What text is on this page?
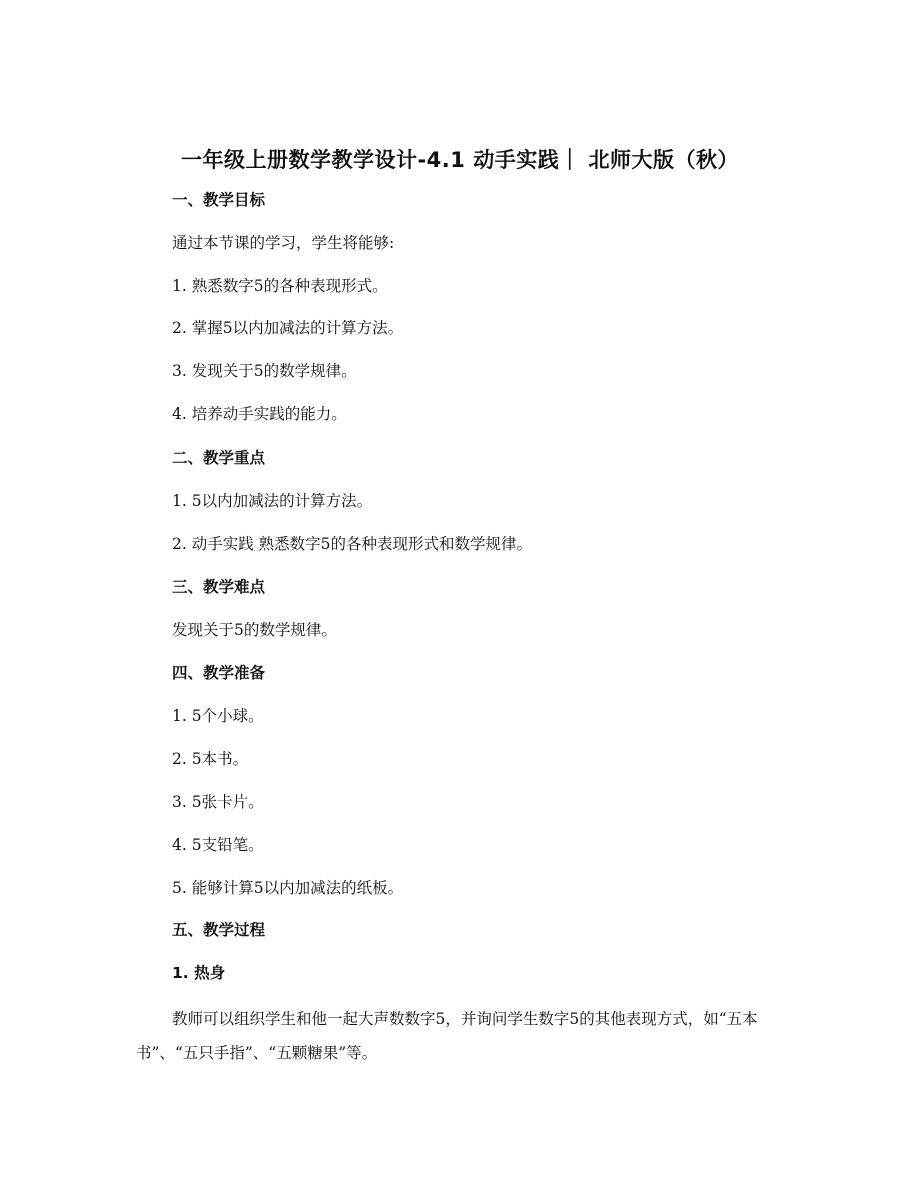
一年级上册数学教学设计-4.1 动手实践｜ 北师大版（秋）
一、教学目标
通过本节课的学习，学生将能够:
1. 熟悉数字5的各种表现形式。
2. 掌握5以内加减法的计算方法。
3. 发现关于5的数学规律。
4. 培养动手实践的能力。
二、教学重点
1. 5以内加减法的计算方法。
2. 动手实践 熟悉数字5的各种表现形式和数学规律。
三、教学难点
发现关于5的数学规律。
四、教学准备
1. 5个小球。
2. 5本书。
3. 5张卡片。
4. 5支铅笔。
5. 能够计算5以内加减法的纸板。
五、教学过程
1. 热身
教师可以组织学生和他一起大声数数字5，并询问学生数字5的其他表现方式，如“五本书”、“五只手指”、“五颗糖果”等。
